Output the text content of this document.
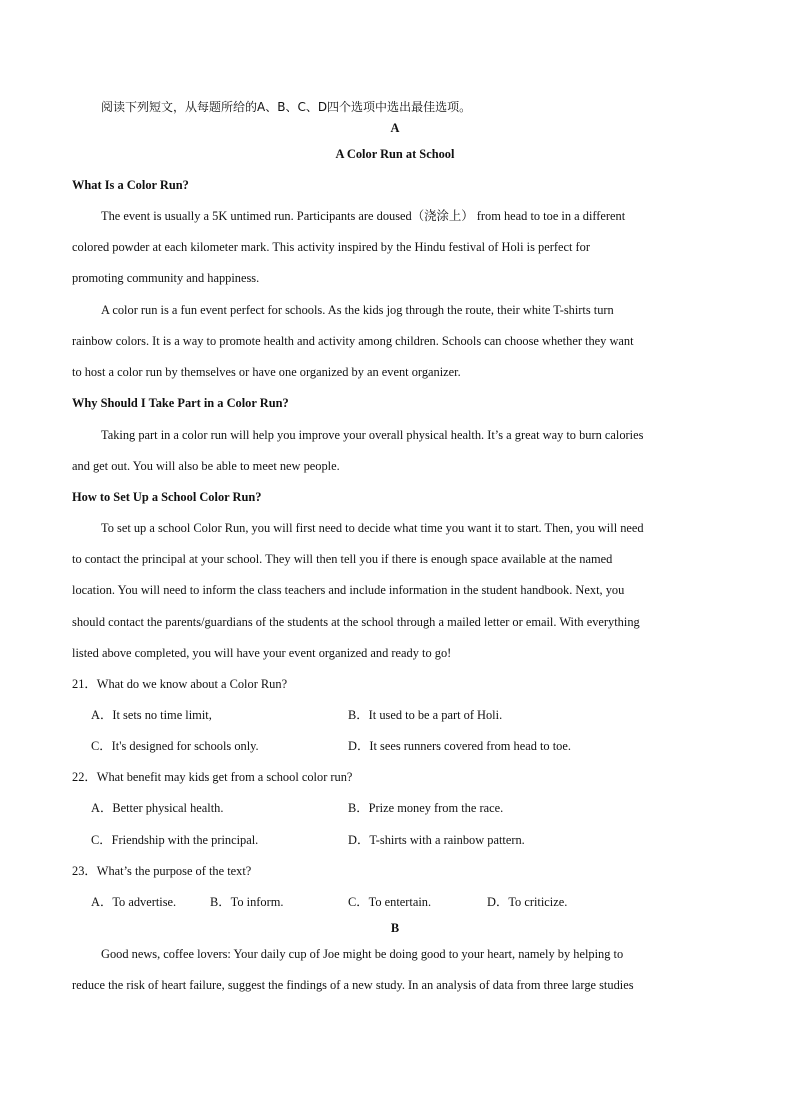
阅读下列短文，从每题所给的A、B、C、D四个选项中选出最佳选项。
A
A Color Run at School
What Is a Color Run?
The event is usually a 5K untimed run. Participants are doused（浇涂上） from head to toe in a different
colored powder at each kilometer mark. This activity inspired by the Hindu festival of Holi is perfect for
promoting community and happiness.
A color run is a fun event perfect for schools. As the kids jog through the route, their white T-shirts turn
rainbow colors. It is a way to promote health and activity among children. Schools can choose whether they want
to host a color run by themselves or have one organized by an event organizer.
Why Should I Take Part in a Color Run?
Taking part in a color run will help you improve your overall physical health. It’s a great way to burn calories
and get out. You will also be able to meet new people.
How to Set Up a School Color Run?
To set up a school Color Run, you will first need to decide what time you want it to start. Then, you will need
to contact the principal at your school. They will then tell you if there is enough space available at the named
location. You will need to inform the class teachers and include information in the student handbook. Next, you
should contact the parents/guardians of the students at the school through a mailed letter or email. With everything
listed above completed, you will have your event organized and ready to go!
21．What do we know about a Color Run?
A．It sets no time limit,	B．It used to be a part of Holi.
C．It's designed for schools only.	D．It sees runners covered from head to toe.
22．What benefit may kids get from a school color run?
A．Better physical health.	B．Prize money from the race.
C．Friendship with the principal.	D．T-shirts with a rainbow pattern.
23．What’s the purpose of the text?
A．To advertise.	B．To inform.	C．To entertain.	D．To criticize.
B
Good news, coffee lovers: Your daily cup of Joe might be doing good to your heart, namely by helping to
reduce the risk of heart failure, suggest the findings of a new study. In an analysis of data from three large studies
